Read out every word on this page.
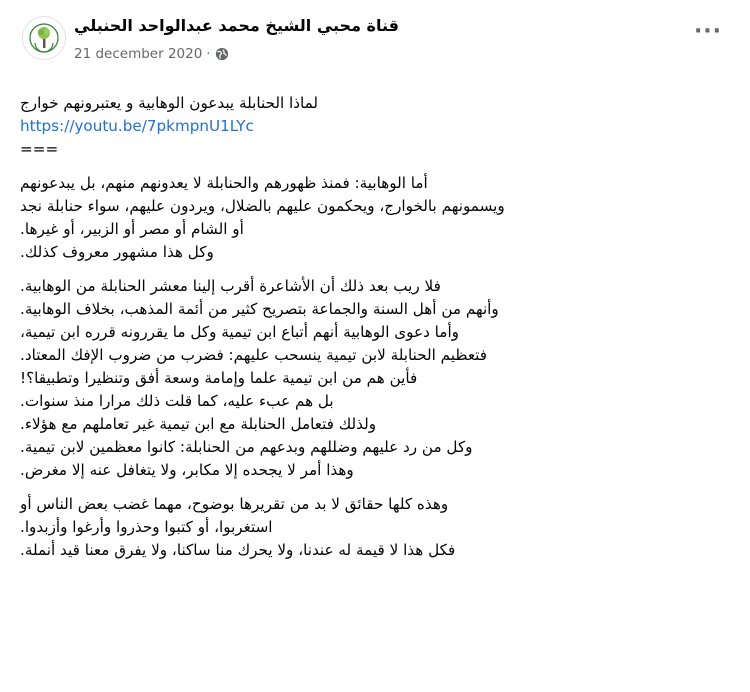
قناة محبي الشيخ محمد عبدالواحد الحنبلي
21 december 2020 ·
···
لماذا الحنابلة يبدعون الوهابية و يعتبرونهم خوارج
https://youtu.be/7pkmpnU1LYc
===
أما الوهابية: فمنذ ظهورهم والحنابلة لا يعدونهم منهم، بل يبدعونهم
ويسمونهم بالخوارج، ويحكمون عليهم بالضلال، ويردون عليهم، سواء حنابلة نجد
أو الشام أو مصر أو الزبير، أو غيرها.
وكل هذا مشهور معروف كذلك.
فلا ريب بعد ذلك أن الأشاعرة أقرب إلينا معشر الحنابلة من الوهابية.
وأنهم من أهل السنة والجماعة بتصريح كثير من أئمة المذهب، بخلاف الوهابية.
وأما دعوى الوهابية أنهم أتباع ابن تيمية وكل ما يقررونه قرره ابن تيمية،
فتعظيم الحنابلة لابن تيمية ينسحب عليهم: فضرب من ضروب الإفك المعتاد.
فأين هم من ابن تيمية علما وإمامة وسعة أفق وتنظيرا وتطبيقا؟!
بل هم عبء عليه، كما قلت ذلك مرارا منذ سنوات.
ولذلك فتعامل الحنابلة مع ابن تيمية غير تعاملهم مع هؤلاء.
وكل من رد عليهم وضللهم وبدعهم من الحنابلة: كانوا معظمين لابن تيمية.
وهذا أمر لا يجحده إلا مكابر، ولا يتغافل عنه إلا مغرض.
وهذه كلها حقائق لا بد من تقريرها بوضوح، مهما غضب بعض الناس أو
استغربوا، أو كتبوا وحذروا وأرغوا وأزبدوا.
فكل هذا لا قيمة له عندنا، ولا يحرك منا ساكنا، ولا يفرق معنا قيد أنملة.
